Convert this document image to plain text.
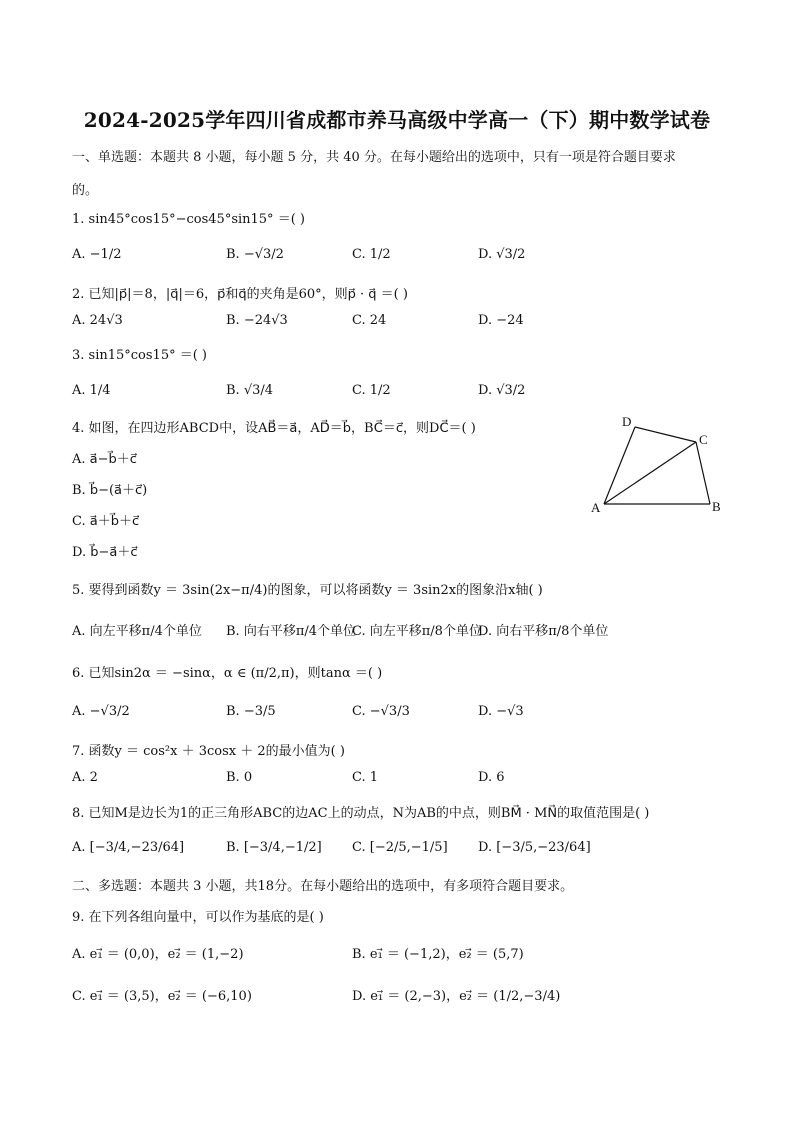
2024-2025学年四川省成都市养马高级中学高一（下）期中数学试卷
一、单选题：本题共 8 小题，每小题 5 分，共 40 分。在每小题给出的选项中，只有一项是符合题目要求
的。
1. sin45°cos15°−cos45°sin15° ＝( )
A. −1/2	B. −√3/2	C. 1/2	D. √3/2
2. 已知|p⃗|＝8，|q⃗|＝6，p⃗和q⃗的夹角是60°，则p⃗ · q⃗ ＝( )
A. 24√3	B. −24√3	C. 24	D. −24
3. sin15°cos15° ＝( )
A. 1/4	B. √3/4	C. 1/2	D. √3/2
4. 如图，在四边形ABCD中，设AB⃗＝a⃗，AD⃗＝b⃗，BC⃗＝c⃗，则DC⃗＝( )
A. a⃗−b⃗＋c⃗
B. b⃗−(a⃗＋c⃗)
C. a⃗＋b⃗＋c⃗
D. b⃗−a⃗＋c⃗
D
C
A	B
5. 要得到函数y ＝ 3sin(2x−π/4)的图象，可以将函数y ＝ 3sin2x的图象沿x轴( )
A. 向左平移π/4个单位 B. 向右平移π/4个单位
C. 向左平移π/8个单位
D. 向右平移π/8个单位
6. 已知sin2α ＝ −sinα，α ∈ (π/2,π)，则tanα ＝( )
A. −√3/2	B. −3/5	C. −√3/3	D. −√3
7. 函数y ＝ cos²x ＋ 3cosx ＋ 2的最小值为( )
A. 2	B. 0	C. 1	D. 6
8. 已知M是边长为1的正三角形ABC的边AC上的动点，N为AB的中点，则BM⃗ · MN⃗的取值范围是( )
A. [−3/4,−23/64]	B. [−3/4,−1/2] C. [−2/5,−1/5] D. [−3/5,−23/64]
二、多选题：本题共 3 小题，共18分。在每小题给出的选项中，有多项符合题目要求。
9. 在下列各组向量中，可以作为基底的是( )
A. e₁⃗ ＝ (0,0)，e₂⃗ ＝ (1,−2)	B. e₁⃗ ＝ (−1,2)，e₂⃗ ＝ (5,7)
C. e₁⃗ ＝ (3,5)，e₂⃗ ＝ (−6,10)	D. e₁⃗ ＝ (2,−3)，e₂⃗ ＝ (1/2,−3/4)
